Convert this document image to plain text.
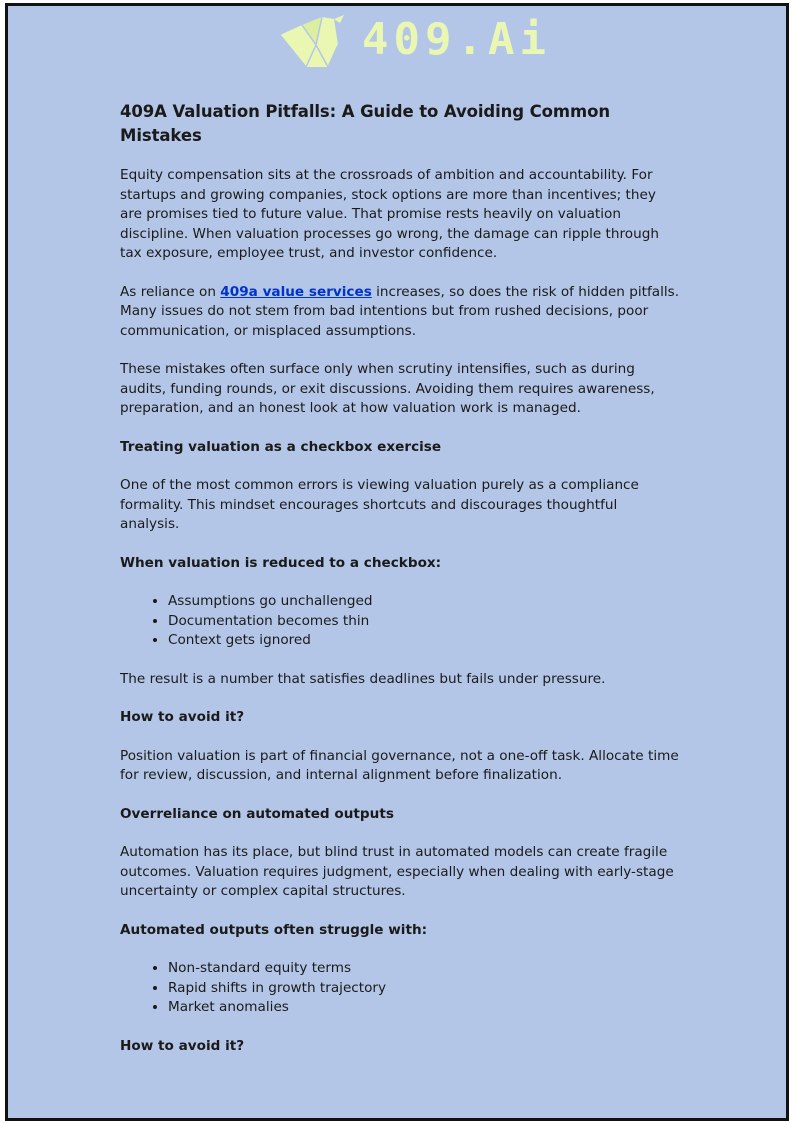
409.Ai
409A Valuation Pitfalls: A Guide to Avoiding Common Mistakes

Equity compensation sits at the crossroads of ambition and accountability. For startups and growing companies, stock options are more than incentives; they are promises tied to future value. That promise rests heavily on valuation discipline. When valuation processes go wrong, the damage can ripple through tax exposure, employee trust, and investor confidence.

As reliance on 409a value services increases, so does the risk of hidden pitfalls. Many issues do not stem from bad intentions but from rushed decisions, poor communication, or misplaced assumptions.

These mistakes often surface only when scrutiny intensifies, such as during audits, funding rounds, or exit discussions. Avoiding them requires awareness, preparation, and an honest look at how valuation work is managed.

Treating valuation as a checkbox exercise

One of the most common errors is viewing valuation purely as a compliance formality. This mindset encourages shortcuts and discourages thoughtful analysis.

When valuation is reduced to a checkbox:
• Assumptions go unchallenged
• Documentation becomes thin
• Context gets ignored

The result is a number that satisfies deadlines but fails under pressure.

How to avoid it?

Position valuation is part of financial governance, not a one-off task. Allocate time for review, discussion, and internal alignment before finalization.

Overreliance on automated outputs

Automation has its place, but blind trust in automated models can create fragile outcomes. Valuation requires judgment, especially when dealing with early-stage uncertainty or complex capital structures.

Automated outputs often struggle with:
• Non-standard equity terms
• Rapid shifts in growth trajectory
• Market anomalies
How to avoid it?
